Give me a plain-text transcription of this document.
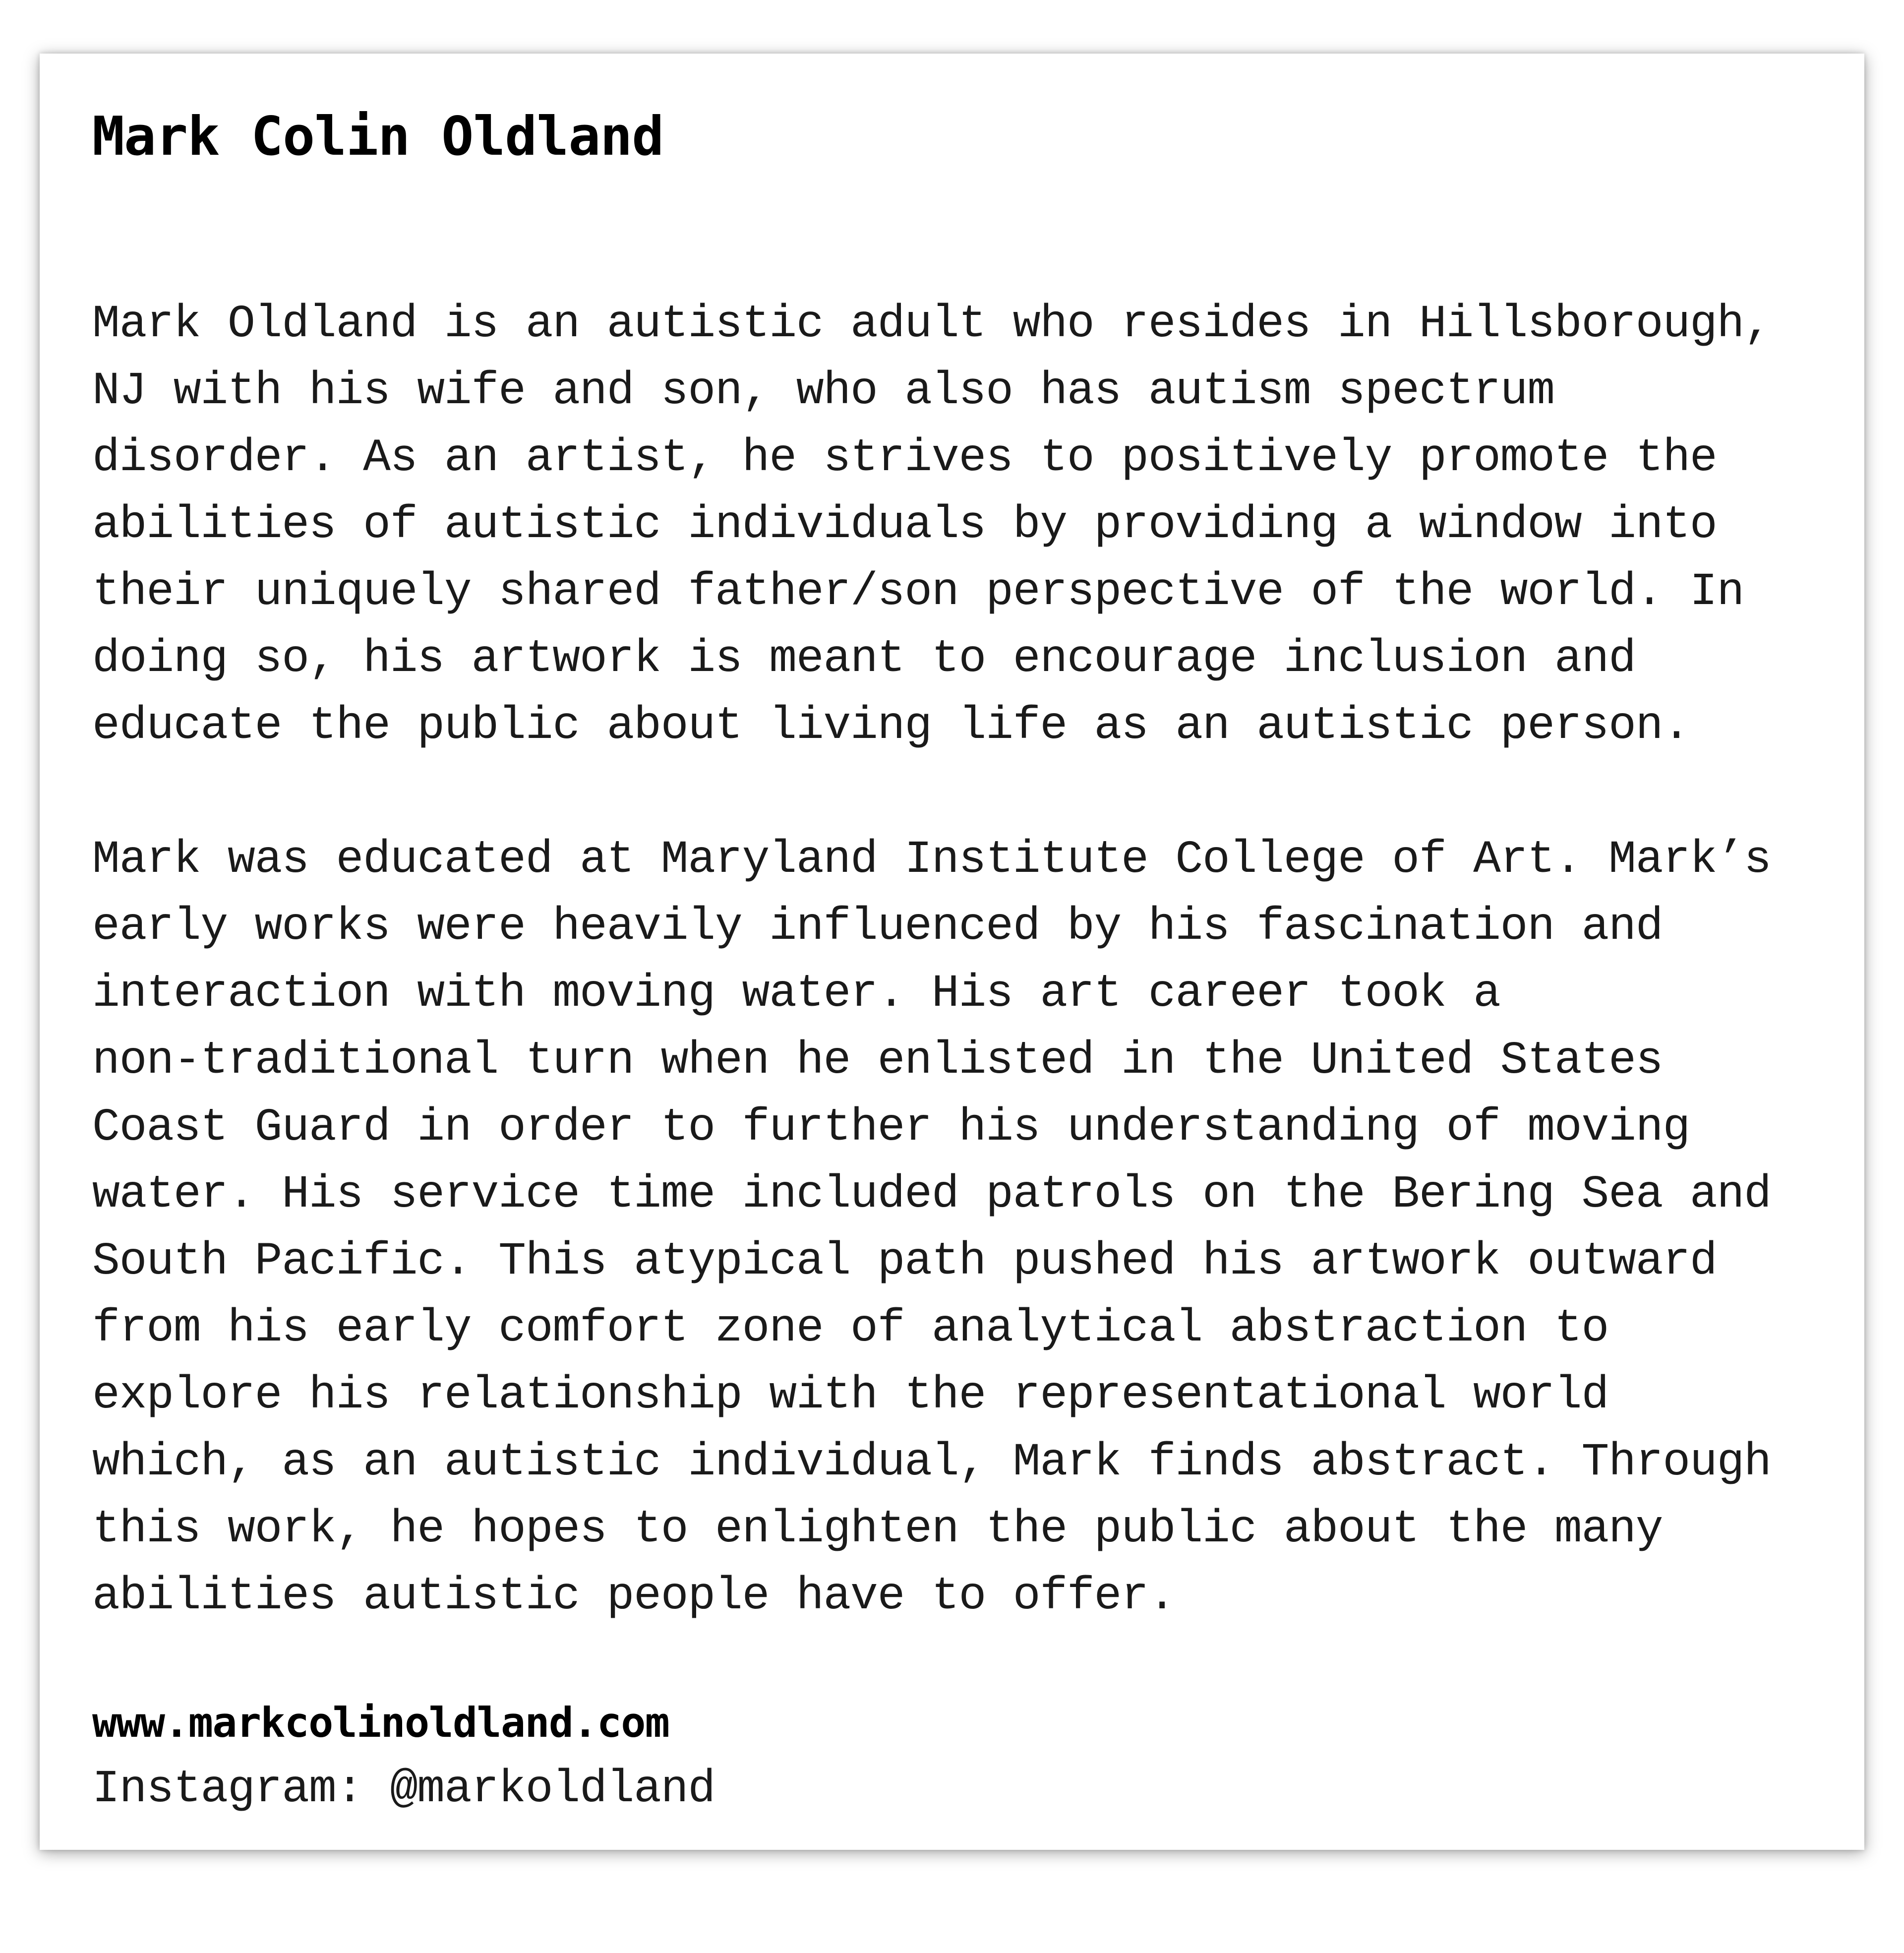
Mark Colin Oldland

Mark Oldland is an autistic adult who resides in Hillsborough,
NJ with his wife and son, who also has autism spectrum
disorder. As an artist, he strives to positively promote the
abilities of autistic individuals by providing a window into
their uniquely shared father/son perspective of the world. In
doing so, his artwork is meant to encourage inclusion and
educate the public about living life as an autistic person.

Mark was educated at Maryland Institute College of Art. Mark’s
early works were heavily influenced by his fascination and
interaction with moving water. His art career took a
non-traditional turn when he enlisted in the United States
Coast Guard in order to further his understanding of moving
water. His service time included patrols on the Bering Sea and
South Pacific. This atypical path pushed his artwork outward
from his early comfort zone of analytical abstraction to
explore his relationship with the representational world
which, as an autistic individual, Mark finds abstract. Through
this work, he hopes to enlighten the public about the many
abilities autistic people have to offer.

www.markcolinoldland.com

Instagram: @markoldland
